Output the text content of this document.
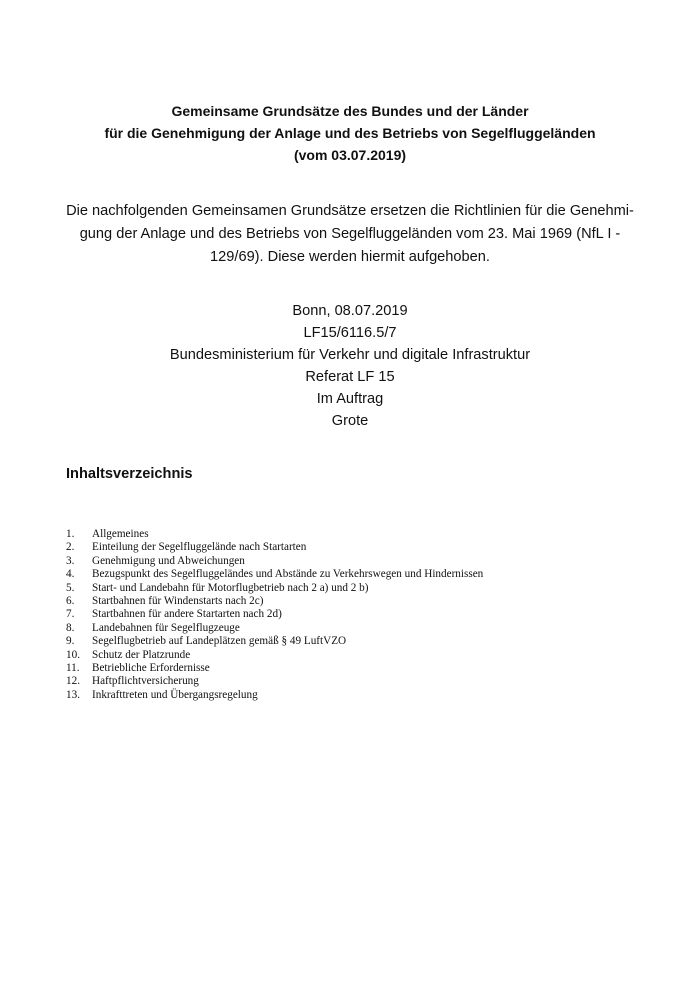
Gemeinsame Grundsätze des Bundes und der Länder
für die Genehmigung der Anlage und des Betriebs von Segelfluggeländen
(vom 03.07.2019)
Die nachfolgenden Gemeinsamen Grundsätze ersetzen die Richtlinien für die Genehmi-
gung der Anlage und des Betriebs von Segelfluggeländen vom 23. Mai 1969 (NfL I -
129/69). Diese werden hiermit aufgehoben.
Bonn, 08.07.2019
LF15/6116.5/7
Bundesministerium für Verkehr und digitale Infrastruktur
Referat LF 15
Im Auftrag
Grote
Inhaltsverzeichnis
1.	Allgemeines
2.	Einteilung der Segelfluggelände nach Startarten
3.	Genehmigung und Abweichungen
4.	Bezugspunkt des Segelfluggeländes und Abstände zu Verkehrswegen und Hindernissen
5.	Start- und Landebahn für Motorflugbetrieb nach 2 a) und 2 b)
6.	Startbahnen für Windenstarts nach 2c)
7.	Startbahnen für andere Startarten nach 2d)
8.	Landebahnen für Segelflugzeuge
9.	Segelflugbetrieb auf Landeplätzen gemäß § 49 LuftVZO
10.	Schutz der Platzrunde
11.	Betriebliche Erfordernisse
12.	Haftpflichtversicherung
13.	Inkrafttreten und Übergangsregelung
